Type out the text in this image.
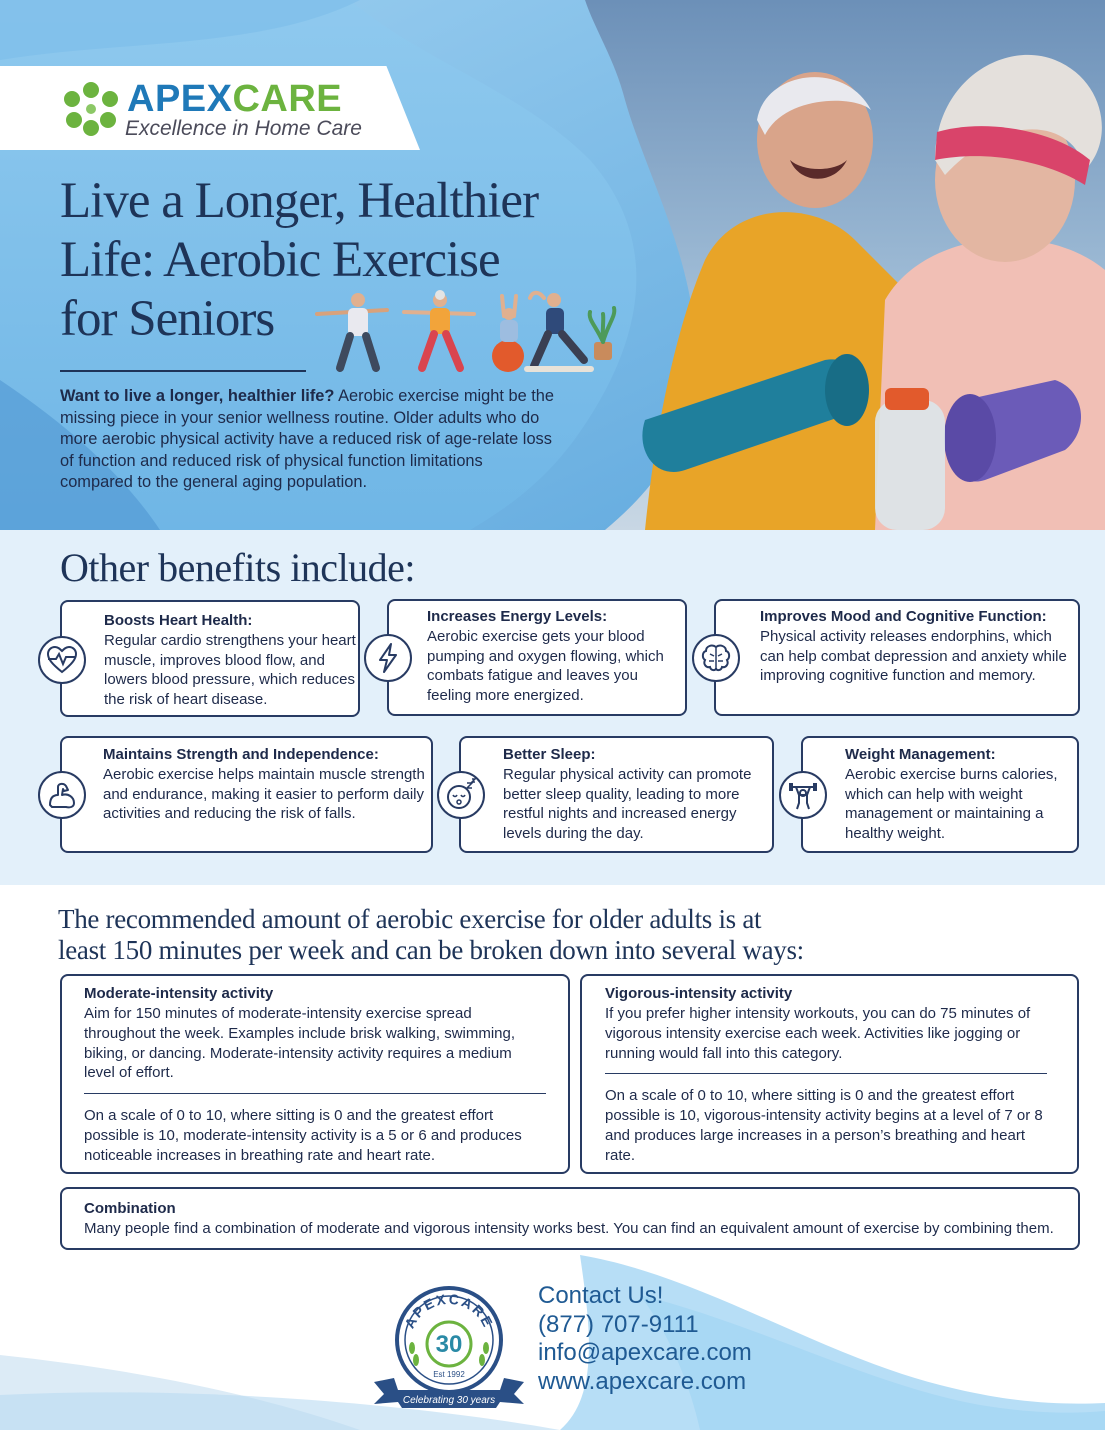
APEXCARE
Excellence in Home Care
Live a Longer, Healthier
Life: Aerobic Exercise
for Seniors
Want to live a longer, healthier life? Aerobic exercise might be the missing piece in your senior wellness routine. Older adults who do more aerobic physical activity have a reduced risk of age-relate loss of function and reduced risk of physical function limitations compared to the general aging population.
Other benefits include:
Boosts Heart Health:
Regular cardio strengthens your heart muscle, improves blood flow, and lowers blood pressure, which reduces the risk of heart disease.
Increases Energy Levels:
Aerobic exercise gets your blood pumping and oxygen flowing, which combats fatigue and leaves you feeling more energized.
Improves Mood and Cognitive Function:
Physical activity releases endorphins, which can help combat depression and anxiety while improving cognitive function and memory.
Maintains Strength and Independence:
Aerobic exercise helps maintain muscle strength and endurance, making it easier to perform daily activities and reducing the risk of falls.
Better Sleep:
Regular physical activity can promote better sleep quality, leading to more restful nights and increased energy levels during the day.
Weight Management:
Aerobic exercise burns calories, which can help with weight management or maintaining a healthy weight.
The recommended amount of aerobic exercise for older adults is at
least 150 minutes per week and can be broken down into several ways:
Moderate-intensity activity
Aim for 150 minutes of moderate-intensity exercise spread throughout the week. Examples include brisk walking, swimming, biking, or dancing. Moderate-intensity activity requires a medium level of effort.
On a scale of 0 to 10, where sitting is 0 and the greatest effort possible is 10, moderate-intensity activity is a 5 or 6 and produces noticeable increases in breathing rate and heart rate.
Vigorous-intensity activity
If you prefer higher intensity workouts, you can do 75 minutes of vigorous intensity exercise each week. Activities like jogging or running would fall into this category.
On a scale of 0 to 10, where sitting is 0 and the greatest effort possible is 10, vigorous-intensity activity begins at a level of 7 or 8 and produces large increases in a person’s breathing and heart rate.
Combination
Many people find a combination of moderate and vigorous intensity works best. You can find an equivalent amount of exercise by combining them.
APEXCARE
30
Est 1992
Celebrating 30 years
Contact Us!
(877) 707-9111
info@apexcare.com
www.apexcare.com
